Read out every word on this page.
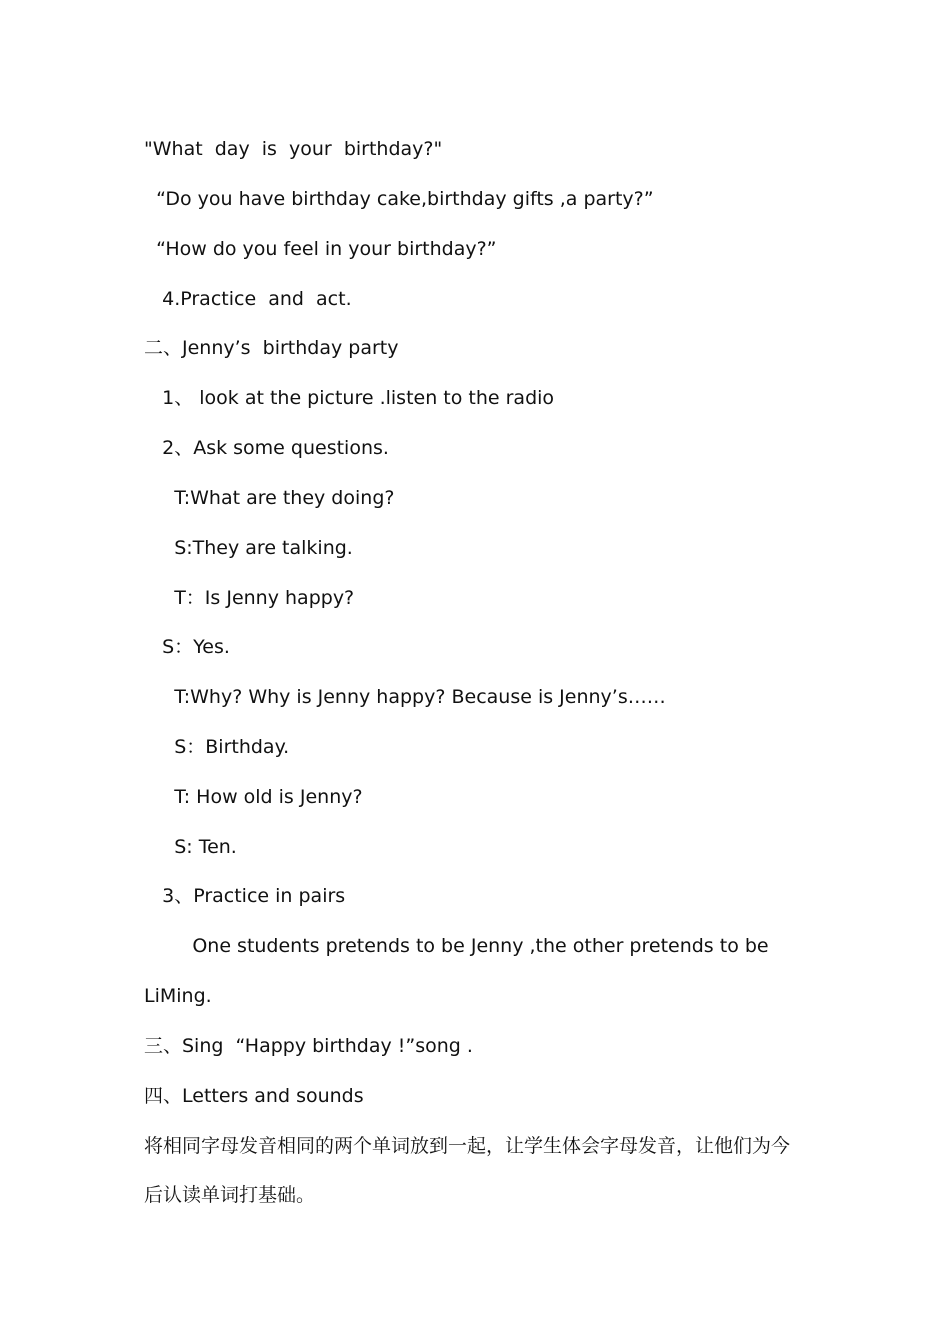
"What  day  is  your  birthday?"
“Do you have birthday cake,birthday gifts ,a party?”
“How do you feel in your birthday?”
4.Practice  and  act.
二、Jenny’s  birthday party
1、 look at the picture .listen to the radio
2、Ask some questions.
T:What are they doing?
S:They are talking.
T：Is Jenny happy?
S：Yes.
T:Why? Why is Jenny happy? Because is Jenny’s……
S：Birthday.
T: How old is Jenny?
S: Ten.
3、Practice in pairs
One students pretends to be Jenny ,the other pretends to be
LiMing.
三、Sing  “Happy birthday !”song .
四、Letters and sounds
将相同字母发音相同的两个单词放到一起，让学生体会字母发音，让他们为今
后认读单词打基础。
